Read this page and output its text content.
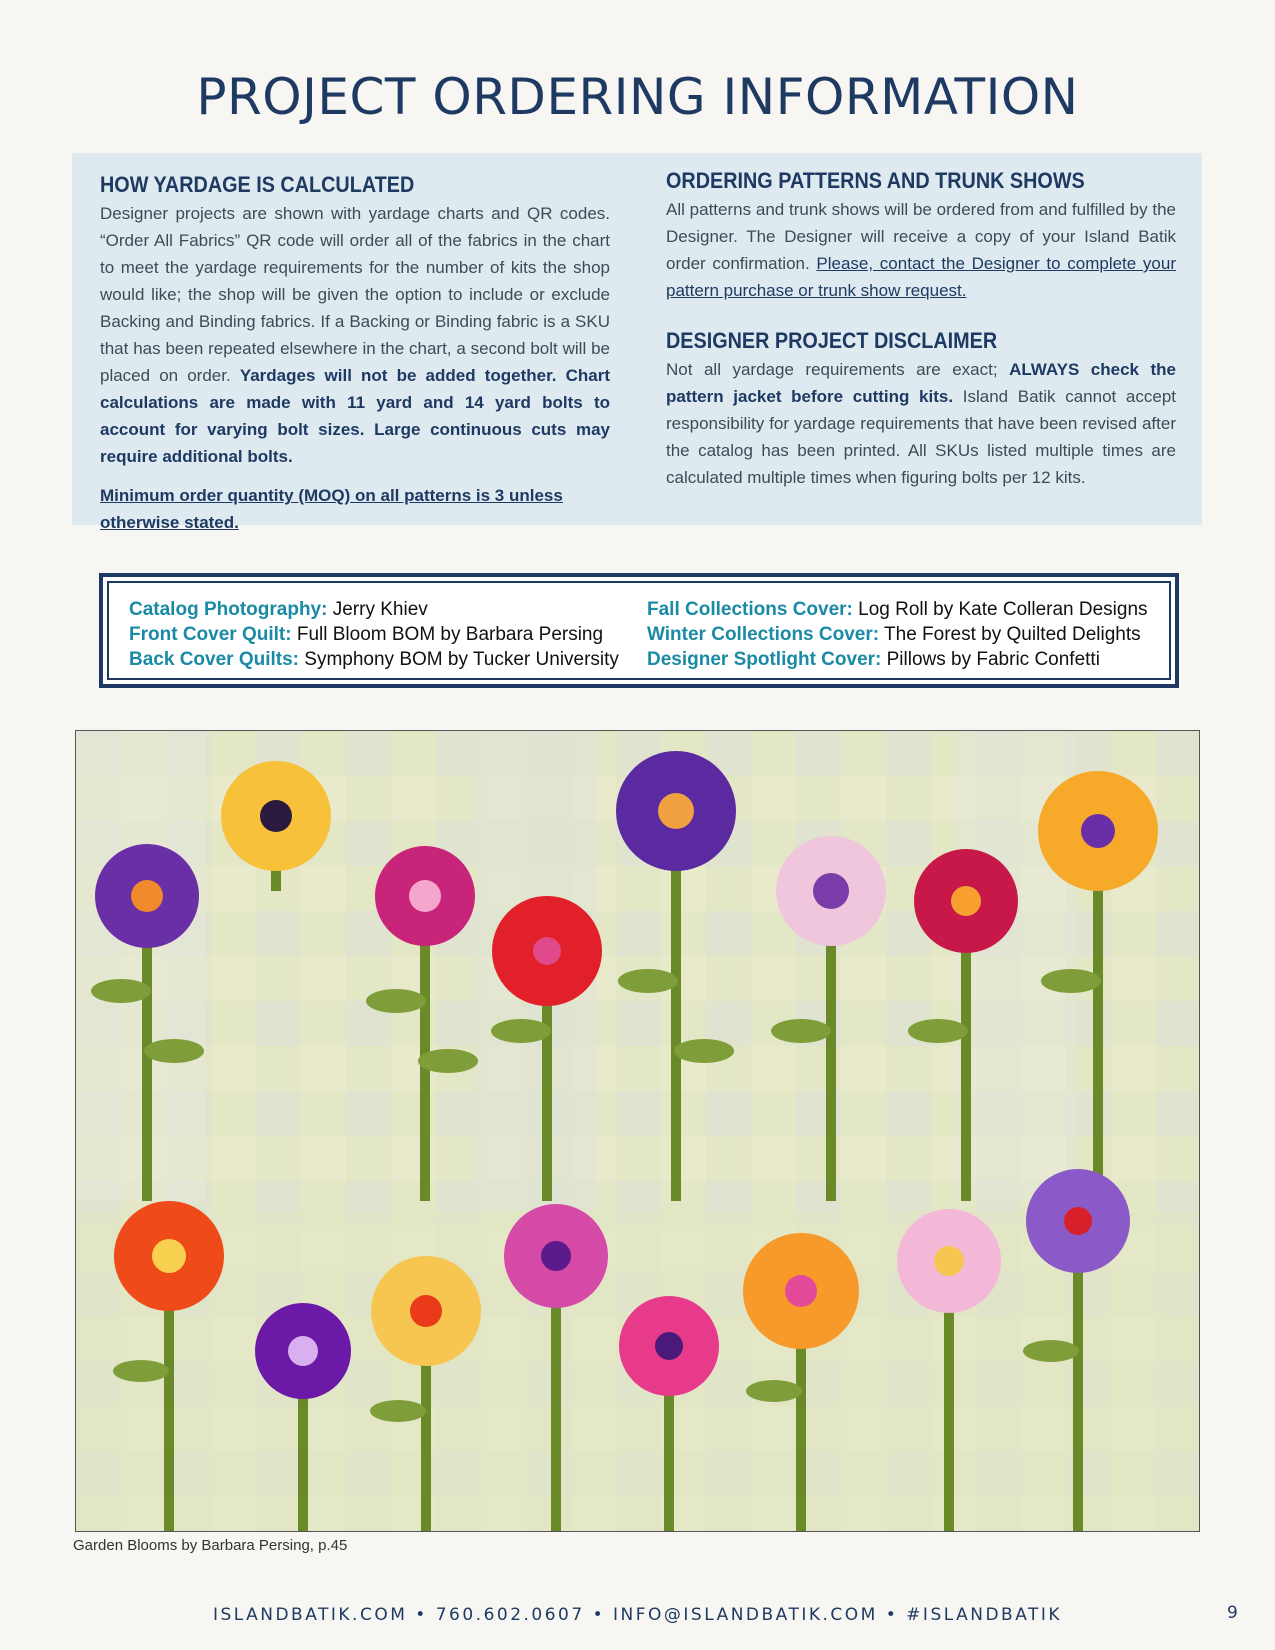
PROJECT ORDERING INFORMATION
HOW YARDAGE IS CALCULATED

Designer projects are shown with yardage charts and QR codes. “Order All Fabrics” QR code will order all of the fabrics in the chart to meet the yardage requirements for the number of kits the shop would like; the shop will be given the option to include or exclude Backing and Binding fabrics. If a Backing or Binding fabric is a SKU that has been repeated elsewhere in the chart, a second bolt will be placed on order. Yardages will not be added together. Chart calculations are made with 11 yard and 14 yard bolts to account for varying bolt sizes. Large continuous cuts may require additional bolts.

Minimum order quantity (MOQ) on all patterns is 3 unless otherwise stated.

ORDERING PATTERNS AND TRUNK SHOWS

All patterns and trunk shows will be ordered from and fulfilled by the Designer. The Designer will receive a copy of your Island Batik order confirmation. Please, contact the Designer to complete your pattern purchase or trunk show request.

DESIGNER PROJECT DISCLAIMER

Not all yardage requirements are exact; ALWAYS check the pattern jacket before cutting kits. Island Batik cannot accept responsibility for yardage requirements that have been revised after the catalog has been printed. All SKUs listed multiple times are calculated multiple times when figuring bolts per 12 kits.

Catalog Photography: Jerry Khiev
Front Cover Quilt: Full Bloom BOM by Barbara Persing
Back Cover Quilts: Symphony BOM by Tucker University
Fall Collections Cover: Log Roll by Kate Colleran Designs
Winter Collections Cover: The Forest by Quilted Delights
Designer Spotlight Cover: Pillows by Fabric Confetti
Garden Blooms by Barbara Persing, p.45
ISLANDBATIK.COM • 760.602.0607 • INFO@ISLANDBATIK.COM • #ISLANDBATIK	9
